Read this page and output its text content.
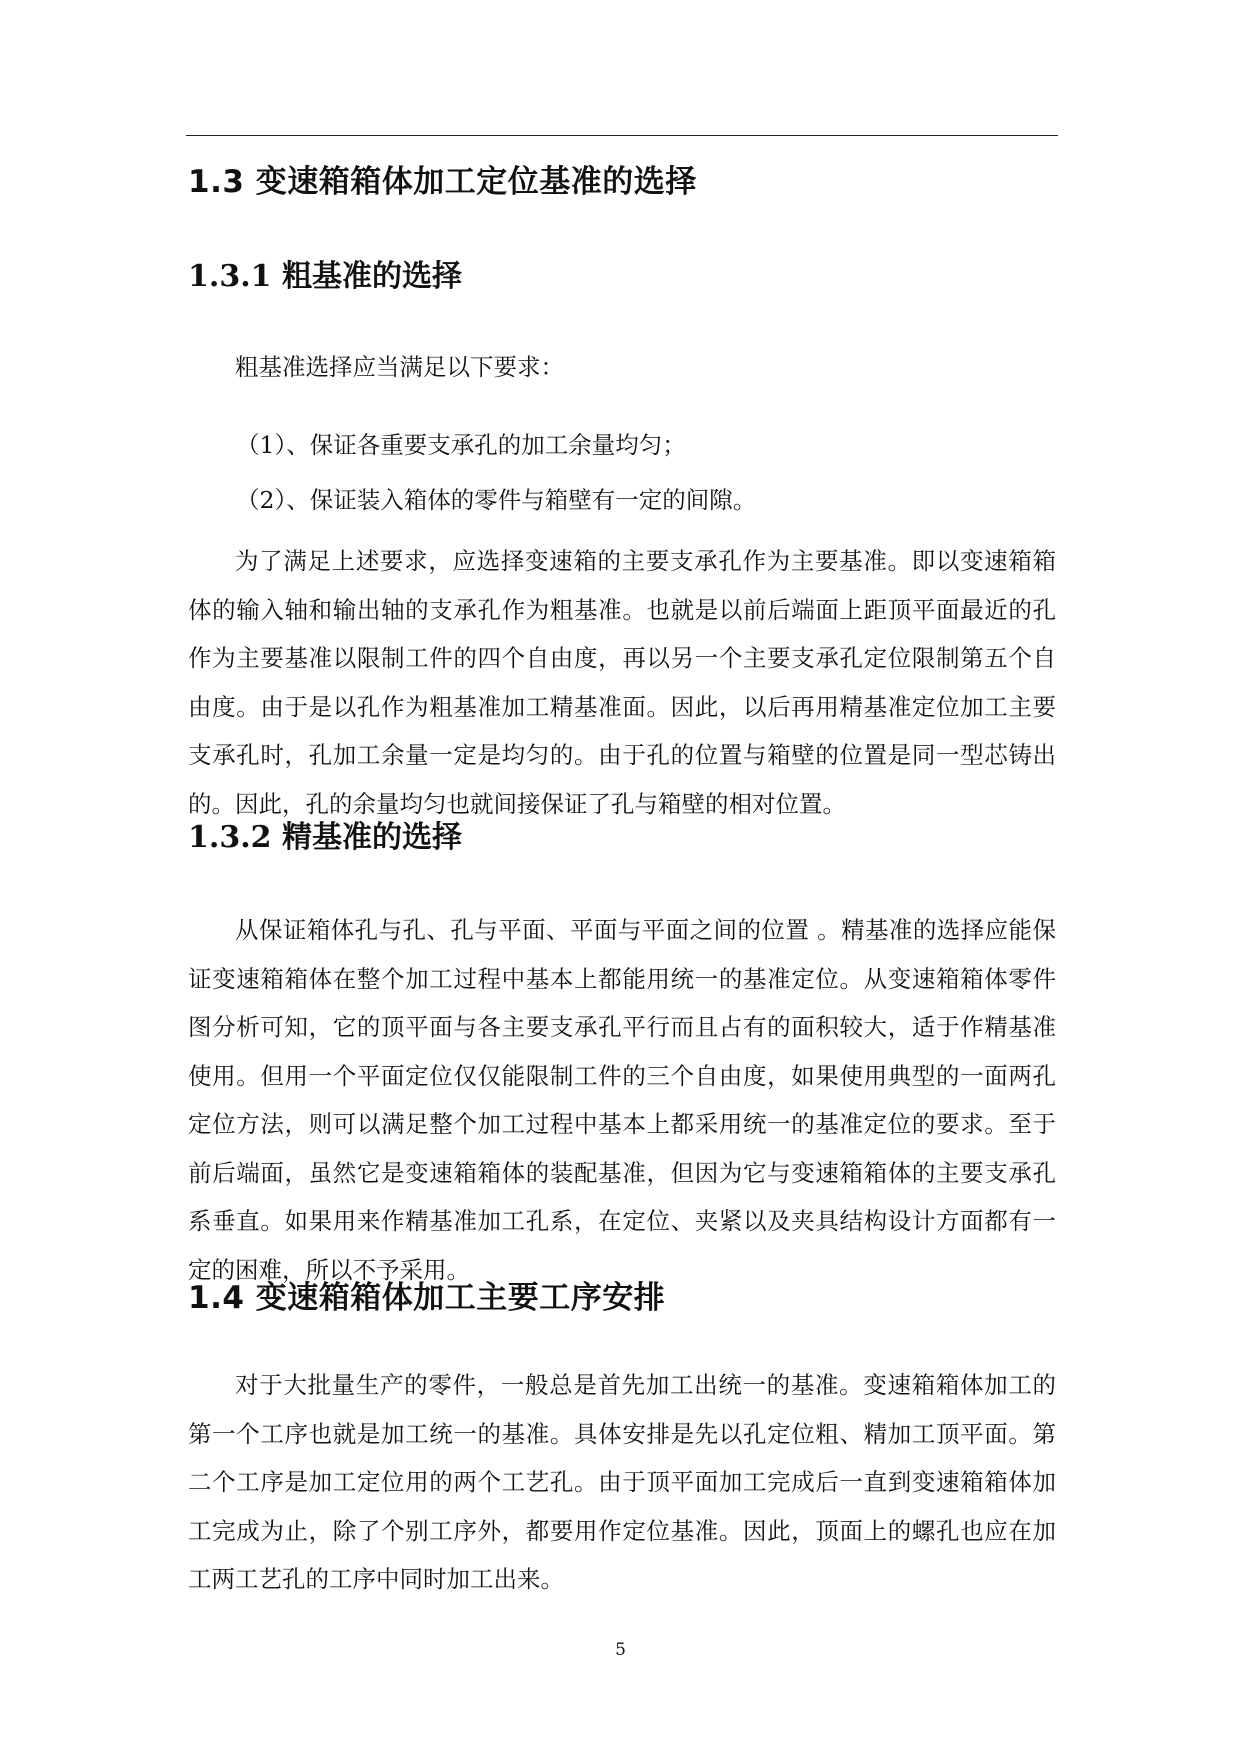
1.3 变速箱箱体加工定位基准的选择
1.3.1 粗基准的选择

粗基准选择应当满足以下要求：

（1）、保证各重要支承孔的加工余量均匀；

（2）、保证装入箱体的零件与箱壁有一定的间隙。

为了满足上述要求，应选择变速箱的主要支承孔作为主要基准。即以变速箱箱体的输入轴和输出轴的支承孔作为粗基准。也就是以前后端面上距顶平面最近的孔作为主要基准以限制工件的四个自由度，再以另一个主要支承孔定位限制第五个自由度。由于是以孔作为粗基准加工精基准面。因此，以后再用精基准定位加工主要支承孔时，孔加工余量一定是均匀的。由于孔的位置与箱壁的位置是同一型芯铸出的。因此，孔的余量均匀也就间接保证了孔与箱壁的相对位置。

1.3.2 精基准的选择

从保证箱体孔与孔、孔与平面、平面与平面之间的位置 。精基准的选择应能保证变速箱箱体在整个加工过程中基本上都能用统一的基准定位。从变速箱箱体零件图分析可知，它的顶平面与各主要支承孔平行而且占有的面积较大，适于作精基准使用。但用一个平面定位仅仅能限制工件的三个自由度，如果使用典型的一面两孔定位方法，则可以满足整个加工过程中基本上都采用统一的基准定位的要求。至于前后端面，虽然它是变速箱箱体的装配基准，但因为它与变速箱箱体的主要支承孔系垂直。如果用来作精基准加工孔系，在定位、夹紧以及夹具结构设计方面都有一定的困难，所以不予采用。

1.4 变速箱箱体加工主要工序安排

对于大批量生产的零件，一般总是首先加工出统一的基准。变速箱箱体加工的第一个工序也就是加工统一的基准。具体安排是先以孔定位粗、精加工顶平面。第二个工序是加工定位用的两个工艺孔。由于顶平面加工完成后一直到变速箱箱体加工完成为止，除了个别工序外，都要用作定位基准。因此，顶面上的螺孔也应在加工两工艺孔的工序中同时加工出来。

5
